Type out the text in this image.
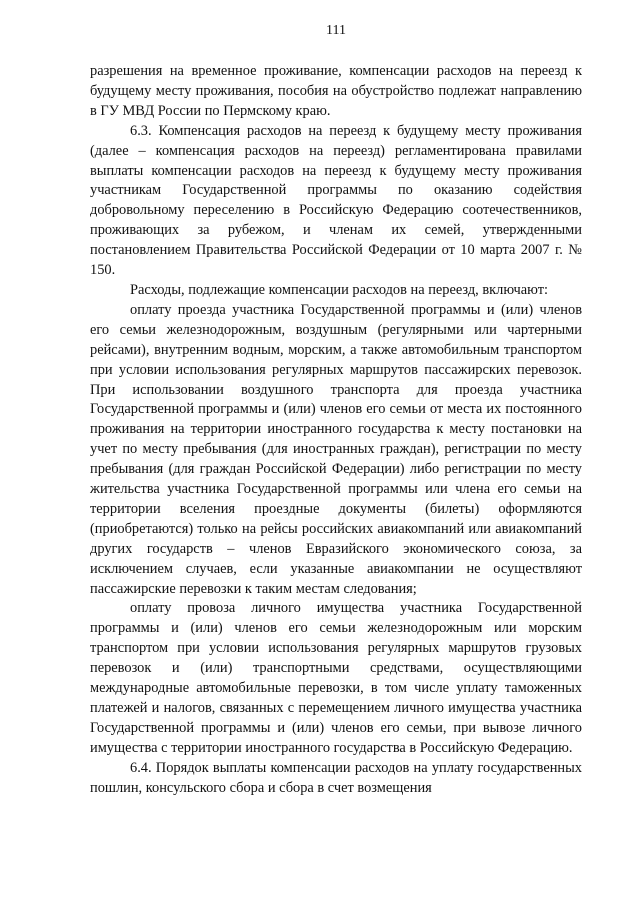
111

разрешения на временное проживание, компенсации расходов на переезд к будущему месту проживания, пособия на обустройство подлежат направлению в ГУ МВД России по Пермскому краю.

6.3. Компенсация расходов на переезд к будущему месту проживания (далее – компенсация расходов на переезд) регламентирована правилами выплаты компенсации расходов на переезд к будущему месту проживания участникам Государственной программы по оказанию содействия добровольному переселению в Российскую Федерацию соотечественников, проживающих за рубежом, и членам их семей, утвержденными постановлением Правительства Российской Федерации от 10 марта 2007 г. № 150.

Расходы, подлежащие компенсации расходов на переезд, включают:

оплату проезда участника Государственной программы и (или) членов его семьи железнодорожным, воздушным (регулярными или чартерными рейсами), внутренним водным, морским, а также автомобильным транспортом при условии использования регулярных маршрутов пассажирских перевозок. При использовании воздушного транспорта для проезда участника Государственной программы и (или) членов его семьи от места их постоянного проживания на территории иностранного государства к месту постановки на учет по месту пребывания (для иностранных граждан), регистрации по месту пребывания (для граждан Российской Федерации) либо регистрации по месту жительства участника Государственной программы или члена его семьи на территории вселения проездные документы (билеты) оформляются (приобретаются) только на рейсы российских авиакомпаний или авиакомпаний других государств – членов Евразийского экономического союза, за исключением случаев, если указанные авиакомпании не осуществляют пассажирские перевозки к таким местам следования;

оплату провоза личного имущества участника Государственной программы и (или) членов его семьи железнодорожным или морским транспортом при условии использования регулярных маршрутов грузовых перевозок и (или) транспортными средствами, осуществляющими международные автомобильные перевозки, в том числе уплату таможенных платежей и налогов, связанных с перемещением личного имущества участника Государственной программы и (или) членов его семьи, при вывозе личного имущества с территории иностранного государства в Российскую Федерацию.

6.4. Порядок выплаты компенсации расходов на уплату государственных пошлин, консульского сбора и сбора в счет возмещения
